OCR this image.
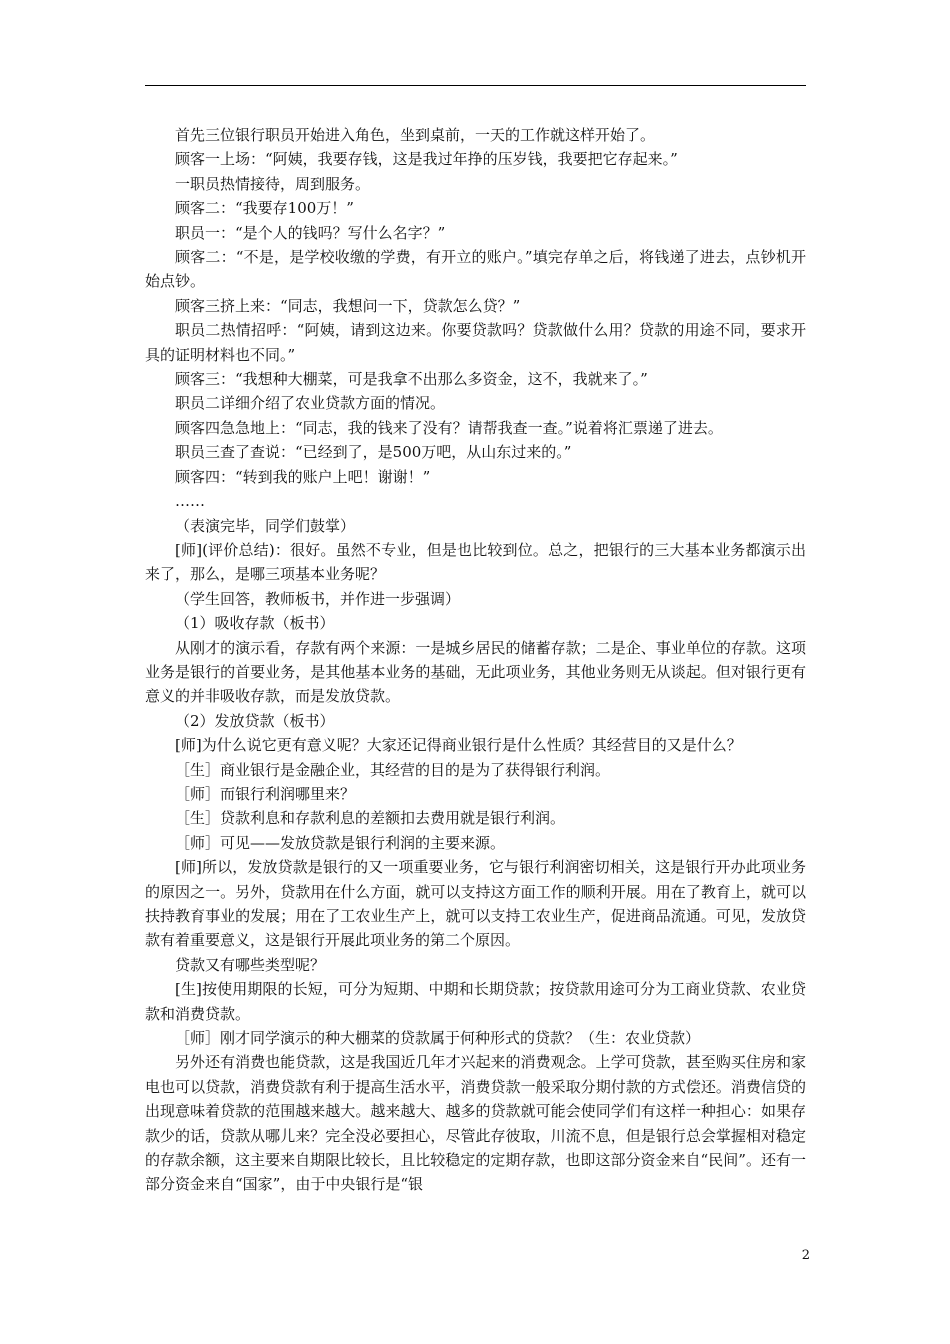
首先三位银行职员开始进入角色，坐到桌前，一天的工作就这样开始了。

顾客一上场：“阿姨，我要存钱，这是我过年挣的压岁钱，我要把它存起来。”

一职员热情接待，周到服务。

顾客二：“我要存100万！”

职员一：“是个人的钱吗？写什么名字？”

顾客二：“不是，是学校收缴的学费，有开立的账户。”填完存单之后，将钱递了进去，点钞机开始点钞。

顾客三挤上来：“同志，我想问一下，贷款怎么贷？”

职员二热情招呼：“阿姨，请到这边来。你要贷款吗？贷款做什么用？贷款的用途不同，要求开具的证明材料也不同。”

顾客三：“我想种大棚菜，可是我拿不出那么多资金，这不，我就来了。”

职员二详细介绍了农业贷款方面的情况。

顾客四急急地上：“同志，我的钱来了没有？请帮我查一查。”说着将汇票递了进去。

职员三查了查说：“已经到了，是500万吧，从山东过来的。”

顾客四：“转到我的账户上吧！谢谢！”

……

（表演完毕，同学们鼓掌）

[师](评价总结)：很好。虽然不专业，但是也比较到位。总之，把银行的三大基本业务都演示出来了，那么，是哪三项基本业务呢？

（学生回答，教师板书，并作进一步强调）

（1）吸收存款（板书）

从刚才的演示看，存款有两个来源：一是城乡居民的储蓄存款；二是企、事业单位的存款。这项业务是银行的首要业务，是其他基本业务的基础，无此项业务，其他业务则无从谈起。但对银行更有意义的并非吸收存款，而是发放贷款。

（2）发放贷款（板书）

[师]为什么说它更有意义呢？大家还记得商业银行是什么性质？其经营目的又是什么？

［生］商业银行是金融企业，其经营的目的是为了获得银行利润。

［师］而银行利润哪里来？

［生］贷款利息和存款利息的差额扣去费用就是银行利润。

［师］可见——发放贷款是银行利润的主要来源。

[师]所以，发放贷款是银行的又一项重要业务，它与银行利润密切相关，这是银行开办此项业务的原因之一。另外，贷款用在什么方面，就可以支持这方面工作的顺利开展。用在了教育上，就可以扶持教育事业的发展；用在了工农业生产上，就可以支持工农业生产，促进商品流通。可见，发放贷款有着重要意义，这是银行开展此项业务的第二个原因。

贷款又有哪些类型呢？

[生]按使用期限的长短，可分为短期、中期和长期贷款；按贷款用途可分为工商业贷款、农业贷款和消费贷款。

［师］刚才同学演示的种大棚菜的贷款属于何种形式的贷款？（生：农业贷款）

另外还有消费也能贷款，这是我国近几年才兴起来的消费观念。上学可贷款，甚至购买住房和家电也可以贷款，消费贷款有利于提高生活水平，消费贷款一般采取分期付款的方式偿还。消费信贷的出现意味着贷款的范围越来越大。越来越大、越多的贷款就可能会使同学们有这样一种担心：如果存款少的话，贷款从哪儿来？完全没必要担心，尽管此存彼取，川流不息，但是银行总会掌握相对稳定的存款余额，这主要来自期限比较长，且比较稳定的定期存款，也即这部分资金来自“民间”。还有一部分资金来自“国家”，由于中央银行是“银

2
